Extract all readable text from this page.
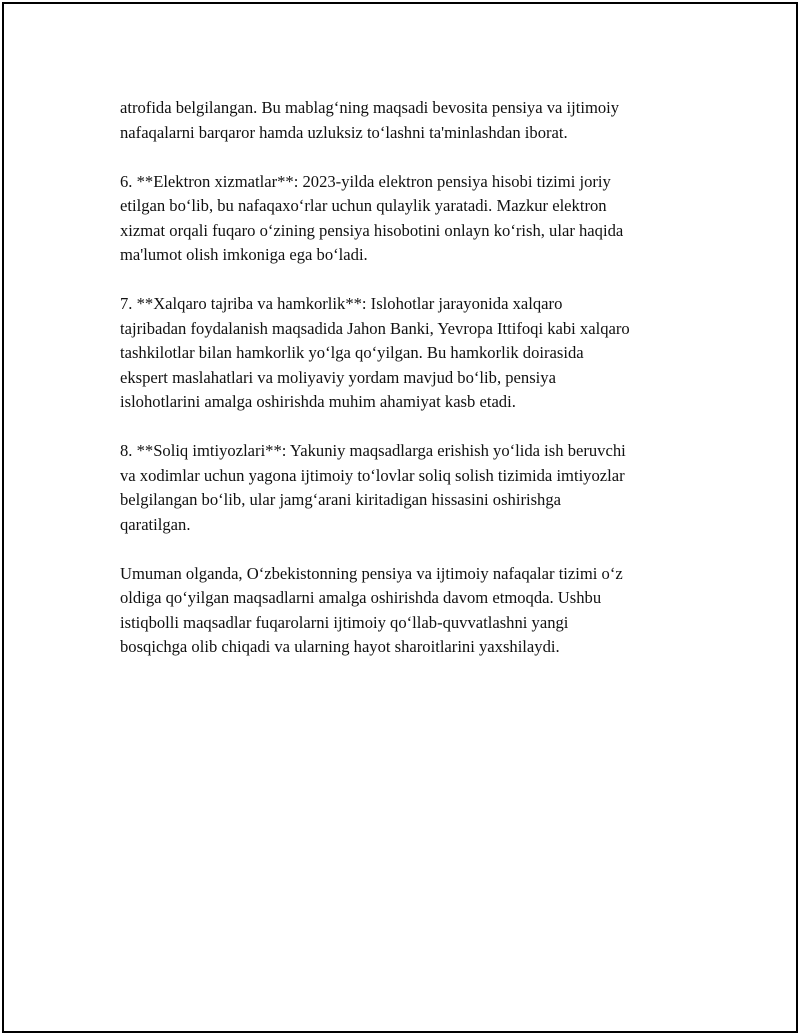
atrofida belgilangan. Bu mablag‘ning maqsadi bevosita pensiya va ijtimoiy
nafaqalarni barqaror hamda uzluksiz to‘lashni ta'minlashdan iborat.

6. **Elektron xizmatlar**: 2023-yilda elektron pensiya hisobi tizimi joriy
etilgan bo‘lib, bu nafaqaxo‘rlar uchun qulaylik yaratadi. Mazkur elektron
xizmat orqali fuqaro o‘zining pensiya hisobotini onlayn ko‘rish, ular haqida
ma'lumot olish imkoniga ega bo‘ladi.

7. **Xalqaro tajriba va hamkorlik**: Islohotlar jarayonida xalqaro
tajribadan foydalanish maqsadida Jahon Banki, Yevropa Ittifoqi kabi xalqaro
tashkilotlar bilan hamkorlik yo‘lga qo‘yilgan. Bu hamkorlik doirasida
ekspert maslahatlari va moliyaviy yordam mavjud bo‘lib, pensiya
islohotlarini amalga oshirishda muhim ahamiyat kasb etadi.

8. **Soliq imtiyozlari**: Yakuniy maqsadlarga erishish yo‘lida ish beruvchi
va xodimlar uchun yagona ijtimoiy to‘lovlar soliq solish tizimida imtiyozlar
belgilangan bo‘lib, ular jamg‘arani kiritadigan hissasini oshirishga
qaratilgan.

Umuman olganda, O‘zbekistonning pensiya va ijtimoiy nafaqalar tizimi o‘z
oldiga qo‘yilgan maqsadlarni amalga oshirishda davom etmoqda. Ushbu
istiqbolli maqsadlar fuqarolarni ijtimoiy qo‘llab-quvvatlashni yangi
bosqichga olib chiqadi va ularning hayot sharoitlarini yaxshilaydi.
